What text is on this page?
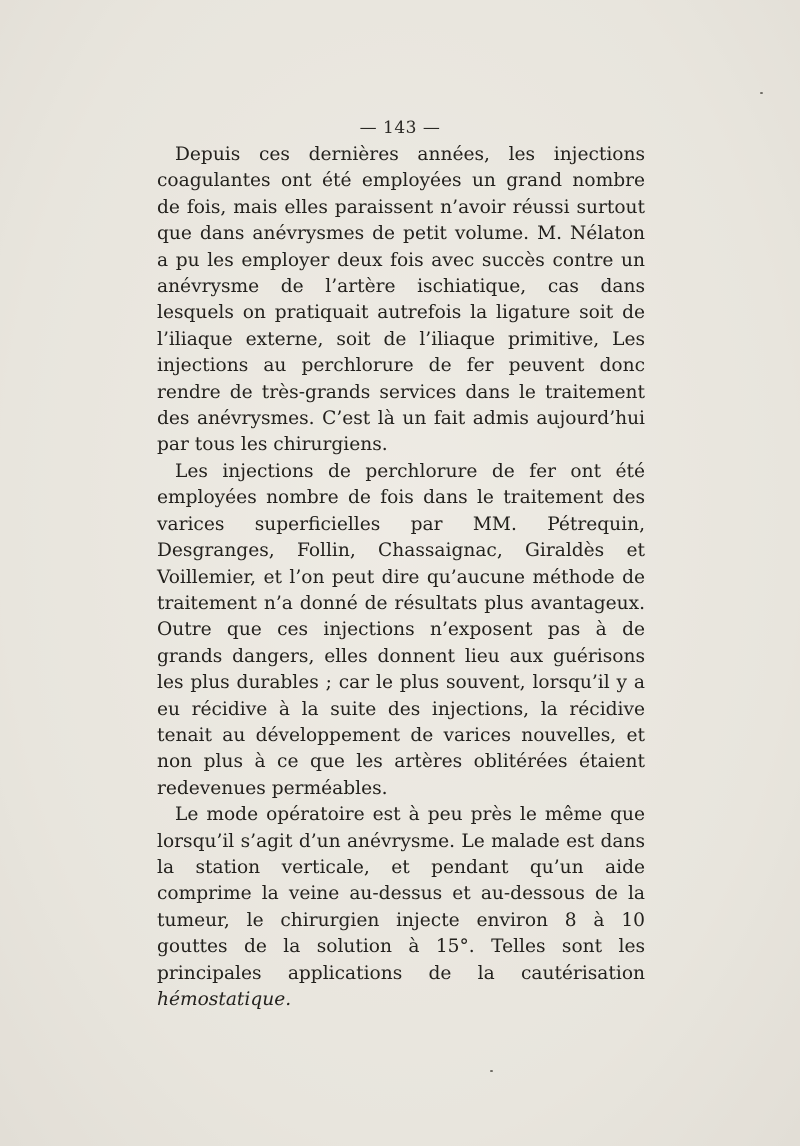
— 143 —

Depuis ces dernières années, les injections coagulantes ont été employées un grand nombre de fois, mais elles paraissent n’avoir réussi surtout que dans anévrysmes de petit volume. M. Nélaton a pu les employer deux fois avec succès contre un anévrysme de l’artère ischiatique, cas dans lesquels on pratiquait autrefois la ligature soit de l’iliaque externe, soit de l’iliaque primitive, Les injections au perchlorure de fer peuvent donc rendre de très-grands services dans le traitement des anévrysmes. C’est là un fait admis aujourd’hui par tous les chirurgiens.

Les injections de perchlorure de fer ont été employées nombre de fois dans le traitement des varices superficielles par MM. Pétrequin, Desgranges, Follin, Chassaignac, Giraldès et Voillemier, et l’on peut dire qu’aucune méthode de traitement n’a donné de résultats plus avantageux. Outre que ces injections n’exposent pas à de grands dangers, elles donnent lieu aux guérisons les plus durables ; car le plus souvent, lorsqu’il y a eu récidive à la suite des injections, la récidive tenait au développement de varices nouvelles, et non plus à ce que les artères oblitérées étaient redevenues perméables.

Le mode opératoire est à peu près le même que lorsqu’il s’agit d’un anévrysme. Le malade est dans la station verticale, et pendant qu’un aide comprime la veine au-dessus et au-dessous de la tumeur, le chirurgien injecte environ 8 à 10 gouttes de la solution à 15°. Telles sont les principales applications de la cautérisation hémostatique.
